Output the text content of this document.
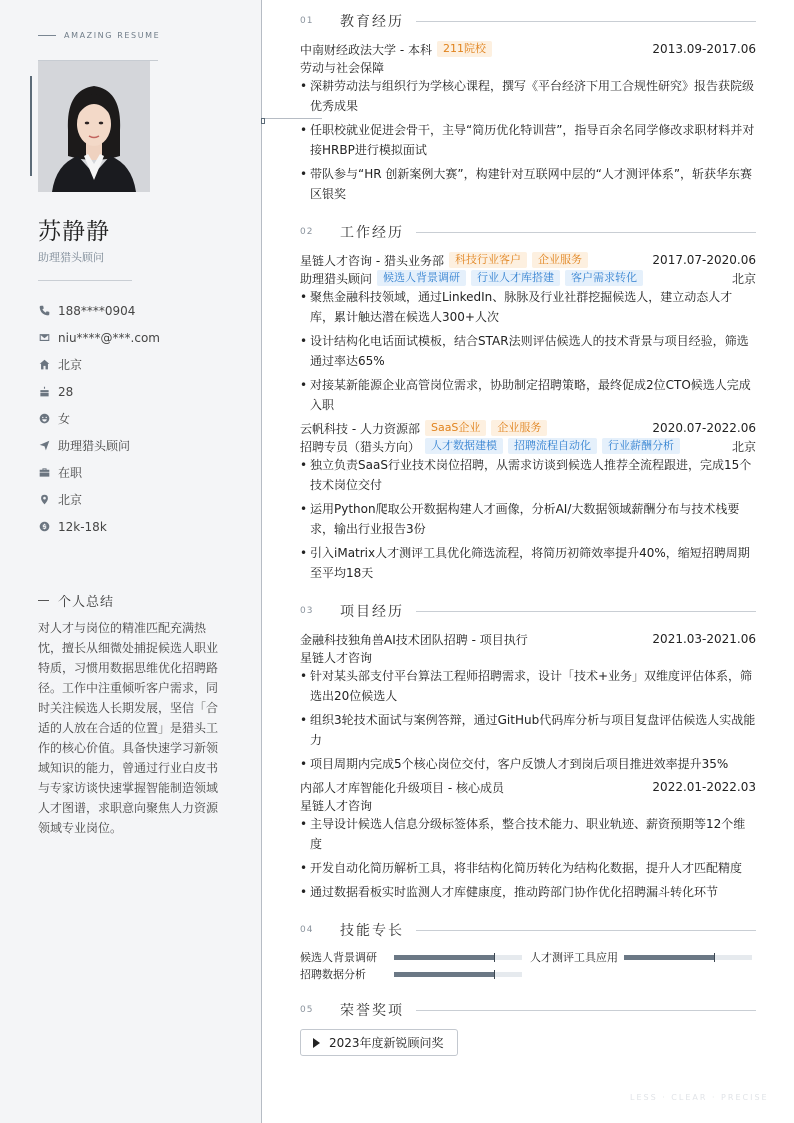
AMAZING RESUME
苏静静
助理猎头顾问
188****0904
niu****@***.com
北京
28
女
助理猎头顾问
在职
北京
12k-18k
个人总结
对人才与岗位的精准匹配充满热忱，擅长从细微处捕捉候选人职业特质，习惯用数据思维优化招聘路径。工作中注重倾听客户需求，同时关注候选人长期发展，坚信「合适的人放在合适的位置」是猎头工作的核心价值。具备快速学习新领域知识的能力，曾通过行业白皮书与专家访谈快速掌握智能制造领域人才图谱，求职意向聚焦人力资源领域专业岗位。
01	教育经历
中南财经政法大学 - 本科	211院校	2013.09-2017.06
劳动与社会保障
• 深耕劳动法与组织行为学核心课程，撰写《平台经济下用工合规性研究》报告获院级优秀成果
• 任职校就业促进会骨干，主导“简历优化特训营”，指导百余名同学修改求职材料并对接HRBP进行模拟面试
• 带队参与“HR 创新案例大赛”，构建针对互联网中层的“人才测评体系”，斩获华东赛区银奖
02	工作经历
星链人才咨询 - 猎头业务部	科技行业客户	企业服务	2017.07-2020.06
助理猎头顾问	候选人背景调研	行业人才库搭建	客户需求转化	北京
• 聚焦金融科技领域，通过LinkedIn、脉脉及行业社群挖掘候选人，建立动态人才库，累计触达潜在候选人300+人次
• 设计结构化电话面试模板，结合STAR法则评估候选人的技术背景与项目经验，筛选通过率达65%
• 对接某新能源企业高管岗位需求，协助制定招聘策略，最终促成2位CTO候选人完成入职
云帆科技 - 人力资源部	SaaS企业	企业服务	2020.07-2022.06
招聘专员（猎头方向）	人才数据建模	招聘流程自动化	行业薪酬分析	北京
• 独立负责SaaS行业技术岗位招聘，从需求访谈到候选人推荐全流程跟进，完成15个技术岗位交付
• 运用Python爬取公开数据构建人才画像，分析AI/大数据领域薪酬分布与技术栈要求，输出行业报告3份
• 引入iMatrix人才测评工具优化筛选流程，将简历初筛效率提升40%，缩短招聘周期至平均18天
03	项目经历
金融科技独角兽AI技术团队招聘 - 项目执行	2021.03-2021.06
星链人才咨询
• 针对某头部支付平台算法工程师招聘需求，设计「技术+业务」双维度评估体系，筛选出20位候选人
• 组织3轮技术面试与案例答辩，通过GitHub代码库分析与项目复盘评估候选人实战能力
• 项目周期内完成5个核心岗位交付，客户反馈人才到岗后项目推进效率提升35%
内部人才库智能化升级项目 - 核心成员	2022.01-2022.03
星链人才咨询
• 主导设计候选人信息分级标签体系，整合技术能力、职业轨迹、薪资预期等12个维度
• 开发自动化简历解析工具，将非结构化简历转化为结构化数据，提升人才匹配精度
• 通过数据看板实时监测人才库健康度，推动跨部门协作优化招聘漏斗转化环节
04	技能专长
候选人背景调研	人才测评工具应用
招聘数据分析
05	荣誉奖项
2023年度新锐顾问奖
LESS · CLEAR · PRECISE
